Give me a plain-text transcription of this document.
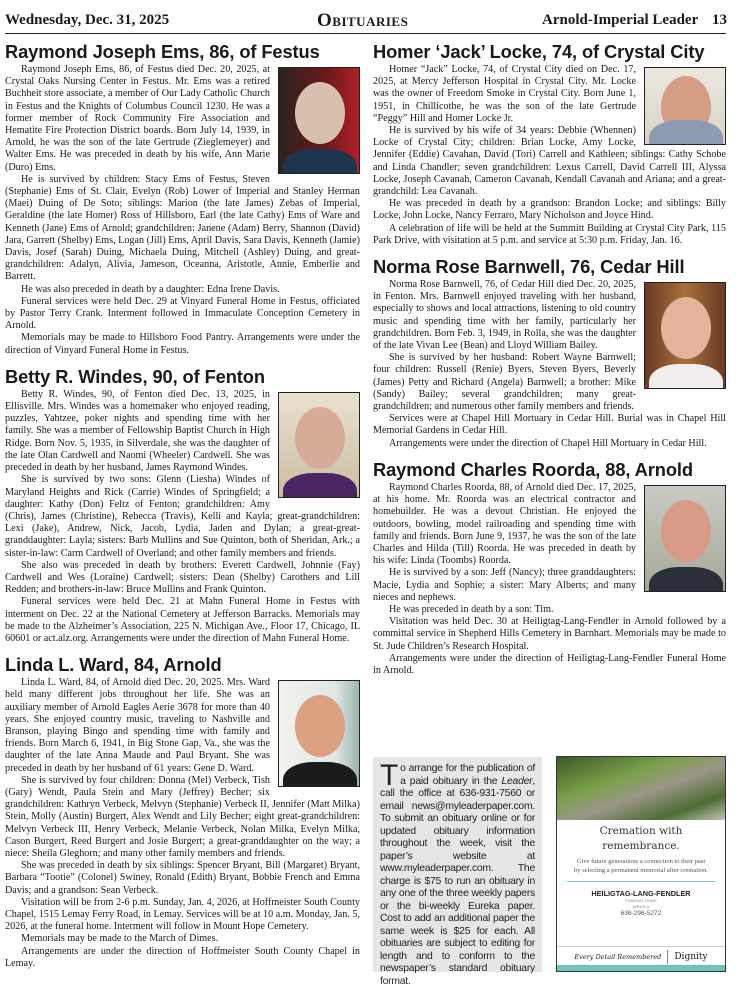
Wednesday, Dec. 31, 2025	Obituaries	Arnold-Imperial Leader 13
Raymond Joseph Ems, 86, of Festus

Raymond Joseph Ems, 86, of Festus died Dec. 20, 2025, at Crystal Oaks Nursing Center in Festus. Mr. Ems was a retired Buchheit store associate, a member of Our Lady Catholic Church in Festus and the Knights of Columbus Council 1230. He was a former member of Rock Community Fire Association and Hematite Fire Protection District boards. Born July 14, 1939, in Arnold, he was the son of the late Gertrude (Zieglemeyer) and Walter Ems. He was preceded in death by his wife, Ann Marie (Duro) Ems.

He is survived by children: Stacy Ems of Festus, Steven (Stephanie) Ems of St. Clair, Evelyn (Rob) Lower of Imperial and Stanley Herman (Maei) Duing of De Soto; siblings: Marion (the late James) Zebas of Imperial, Geraldine (the late Homer) Ross of Hillsboro, Earl (the late Cathy) Ems of Ware and Kenneth (Jane) Ems of Arnold; grandchildren: Janene (Adam) Berry, Shannon (David) Jara, Garrett (Shelby) Ems, Logan (Jill) Ems, April Davis, Sara Davis, Kenneth (Jamie) Davis, Josef (Sarah) Duing, Michaela Duing, Mitchell (Ashley) Duing, and great-grandchildren: Adalyn, Alivia, Jameson, Oceanna, Aristotle, Annie, Emberlie and Barrett.

He was also preceded in death by a daughter: Edna Irene Davis.

Funeral services were held Dec. 29 at Vinyard Funeral Home in Festus, officiated by Pastor Terry Crank. Interment followed in Immaculate Conception Cemetery in Arnold.

Memorials may be made to Hillsboro Food Pantry. Arrangements were under the direction of Vinyard Funeral Home in Festus.

Betty R. Windes, 90, of Fenton

Betty R. Windes, 90, of Fenton died Dec. 13, 2025, in Ellisville. Mrs. Windes was a homemaker who enjoyed reading, puzzles, Yahtzee, poker nights and spending time with her family. She was a member of Fellowship Baptist Church in High Ridge. Born Nov. 5, 1935, in Silverdale, she was the daughter of the late Olan Cardwell and Naomi (Wheeler) Cardwell. She was preceded in death by her husband, James Raymond Windes.

She is survived by two sons: Glenn (Liesha) Windes of Maryland Heights and Rick (Carrie) Windes of Springfield; a daughter: Kathy (Don) Feltz of Fenton; grandchildren: Amy (Chris), James (Christine), Rebecca (Travis), Kelli and Kayla; great-grandchildren: Lexi (Jake), Andrew, Nick, Jacob, Lydia, Jaden and Dylan; a great-great-granddaughter: Layla; sisters: Barb Mullins and Sue Quinton, both of Sheridan, Ark.; a sister-in-law: Carm Cardwell of Overland; and other family members and friends.

She also was preceded in death by brothers: Everett Cardwell, Johnnie (Fay) Cardwell and Wes (Loraine) Cardwell; sisters: Dean (Shelby) Carothers and Lill Redden; and brothers-in-law: Bruce Mullins and Frank Quinton.

Funeral services were held Dec. 21 at Mahn Funeral Home in Festus with interment on Dec. 22 at the National Cemetery at Jefferson Barracks. Memorials may be made to the Alzheimer’s Association, 225 N. Michigan Ave., Floor 17, Chicago, IL 60601 or act.alz.org. Arrangements were under the direction of Mahn Funeral Home.

Linda L. Ward, 84, Arnold

Linda L. Ward, 84, of Arnold died Dec. 20, 2025. Mrs. Ward held many different jobs throughout her life. She was an auxiliary member of Arnold Eagles Aerie 3678 for more than 40 years. She enjoyed country music, traveling to Nashville and Branson, playing Bingo and spending time with family and friends. Born March 6, 1941, in Big Stone Gap, Va., she was the daughter of the late Anna Maude and Paul Bryant. She was preceded in death by her husband of 61 years: Gene D. Ward.

She is survived by four children: Donna (Mel) Verbeck, Tish (Gary) Wendt, Paula Stein and Mary (Jeffrey) Becher; six grandchildren: Kathryn Verbeck, Melvyn (Stephanie) Verbeck II, Jennifer (Matt Milka) Stein, Molly (Austin) Burgert, Alex Wendt and Lily Becher; eight great-grandchildren: Melvyn Verbeck III, Henry Verbeck, Melanie Verbeck, Nolan Milka, Evelyn Milka, Cason Burgert, Reed Burgert and Josie Burgert; a great-granddaughter on the way; a niece: Sheila Gleghorn; and many other family members and friends.

She was preceded in death by six siblings: Spencer Bryant, Bill (Margaret) Bryant, Barbara “Tootie” (Colonel) Swiney, Ronald (Edith) Bryant, Bobbie French and Emma Davis; and a grandson: Sean Verbeck.

Visitation will be from 2-6 p.m. Sunday, Jan. 4, 2026, at Hoffmeister South County Chapel, 1515 Lemay Ferry Road, in Lemay. Services will be at 10 a.m. Monday, Jan. 5, 2026, at the funeral home. Interment will follow in Mount Hope Cemetery.

Memorials may be made to the March of Dimes.

Arrangements are under the direction of Hoffmeister South County Chapel in Lemay.

Homer ‘Jack’ Locke, 74, of Crystal City

Homer “Jack” Locke, 74, of Crystal City died on Dec. 17, 2025, at Mercy Jefferson Hospital in Crystal City. Mr. Locke was the owner of Freedom Smoke in Crystal City. Born June 1, 1951, in Chillicothe, he was the son of the late Gertrude “Peggy” Hill and Homer Locke Jr.

He is survived by his wife of 34 years: Debbie (Whennen) Locke of Crystal City; children: Brian Locke, Amy Locke, Jennifer (Eddie) Cavahan, David (Tori) Carrell and Kathleen; siblings: Cathy Schobe and Linda Chandler; seven grandchildren: Lexus Carrell, David Carrell III, Alyssa Locke, Joseph Cavanah, Cameron Cavanah, Kendall Cavanah and Ariana; and a great-grandchild: Lea Cavanah.

He was preceded in death by a grandson: Brandon Locke; and siblings: Billy Locke, John Locke, Nancy Ferraro, Mary Nicholson and Joyce Hind.

A celebration of life will be held at the Summitt Building at Crystal City Park, 115 Park Drive, with visitation at 5 p.m. and service at 5:30 p.m. Friday, Jan. 16.

Norma Rose Barnwell, 76, Cedar Hill

Norma Rose Barnwell, 76, of Cedar Hill died Dec. 20, 2025, in Fenton. Mrs. Barnwell enjoyed traveling with her husband, especially to shows and local attractions, listening to old country music and spending time with her family, particularly her grandchildren. Born Feb. 3, 1949, in Rolla, she was the daughter of the late Vivan Lee (Bean) and Lloyd William Bailey.

She is survived by her husband: Robert Wayne Barnwell; four children: Russell (Renie) Byers, Steven Byers, Beverly (James) Petty and Richard (Angela) Barnwell; a brother: Mike (Sandy) Bailey; several grandchildren; many great-grandchildren; and numerous other family members and friends.

Services were at Chapel Hill Mortuary in Cedar Hill. Burial was in Chapel Hill Memorial Gardens in Cedar Hill.

Arrangements were under the direction of Chapel Hill Mortuary in Cedar Hill.

Raymond Charles Roorda, 88, Arnold

Raymond Charles Roorda, 88, of Arnold died Dec. 17, 2025, at his home. Mr. Roorda was an electrical contractor and homebuilder. He was a devout Christian. He enjoyed the outdoors, bowling, model railroading and spending time with family and friends. Born June 9, 1937, he was the son of the late Charles and Hilda (Till) Roorda. He was preceded in death by his wife: Linda (Toombs) Roorda.

He is survived by a son: Jeff (Nancy); three granddaughters: Macie, Lydia and Sophie; a sister: Mary Alberts; and many nieces and nephews.

He was preceded in death by a son: Tim.

Visitation was held Dec. 30 at Heiligtag-Lang-Fendler in Arnold followed by a committal service in Shepherd Hills Cemetery in Barnhart. Memorials may be made to St. Jude Children’s Research Hospital.

Arrangements were under the direction of Heiligtag-Lang-Fendler Funeral Home in Arnold.

To arrange for the publication of a paid obituary in the Leader, call the office at 636-931-7560 or email news@myleaderpaper.com. To submit an obituary online or for updated obituary information throughout the week, visit the paper’s website at www.myleaderpaper.com. The charge is $75 to run an obituary in any one of the three weekly papers or the bi-weekly Eureka paper. Cost to add an additional paper the same week is $25 for each. All obituaries are subject to editing for length and to conform to the newspaper’s standard obituary format.
Cremation with
remembrance.
Give future generations a connection to their past by selecting a permanent memorial after cremation.
HEILIGTAG-LANG-FENDLER
FUNERAL HOME
ARNOLD
636-296-5272
Every Detail Remembered Dignity
